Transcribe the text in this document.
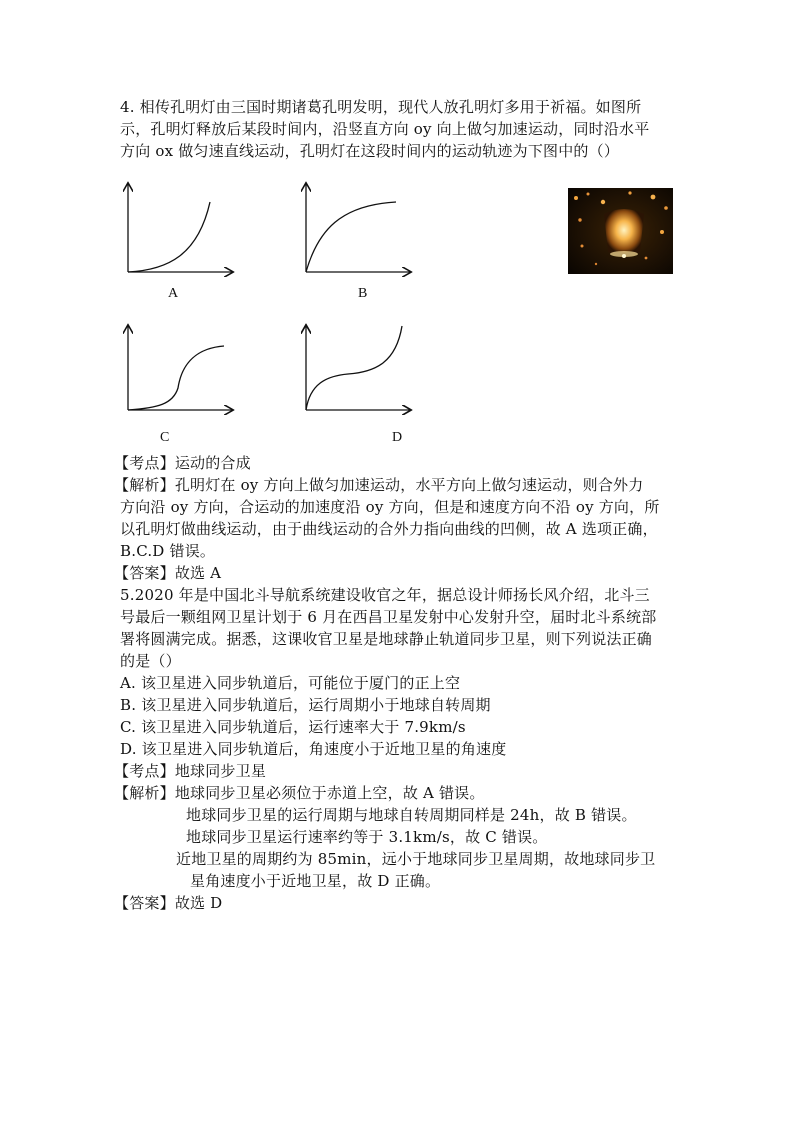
4. 相传孔明灯由三国时期诸葛孔明发明，现代人放孔明灯多用于祈福。如图所
示，孔明灯释放后某段时间内，沿竖直方向 oy 向上做匀加速运动，同时沿水平
方向 ox 做匀速直线运动，孔明灯在这段时间内的运动轨迹为下图中的（）
A	B
C	D
【考点】运动的合成
【解析】孔明灯在 oy 方向上做匀加速运动，水平方向上做匀速运动，则合外力
方向沿 oy 方向，合运动的加速度沿 oy 方向，但是和速度方向不沿 oy 方向，所
以孔明灯做曲线运动，由于曲线运动的合外力指向曲线的凹侧，故 A 选项正确，
B.C.D 错误。
【答案】故选 A
5.2020 年是中国北斗导航系统建设收官之年，据总设计师扬长风介绍，北斗三
号最后一颗组网卫星计划于 6 月在西昌卫星发射中心发射升空，届时北斗系统部
署将圆满完成。据悉，这课收官卫星是地球静止轨道同步卫星，则下列说法正确
的是（）
A. 该卫星进入同步轨道后，可能位于厦门的正上空
B. 该卫星进入同步轨道后，运行周期小于地球自转周期
C. 该卫星进入同步轨道后，运行速率大于 7.9km/s
D. 该卫星进入同步轨道后，角速度小于近地卫星的角速度
【考点】地球同步卫星
【解析】地球同步卫星必须位于赤道上空，故 A 错误。
地球同步卫星的运行周期与地球自转周期同样是 24h，故 B 错误。
地球同步卫星运行速率约等于 3.1km/s，故 C 错误。
近地卫星的周期约为 85min，远小于地球同步卫星周期，故地球同步卫
星角速度小于近地卫星，故 D 正确。
【答案】故选 D
